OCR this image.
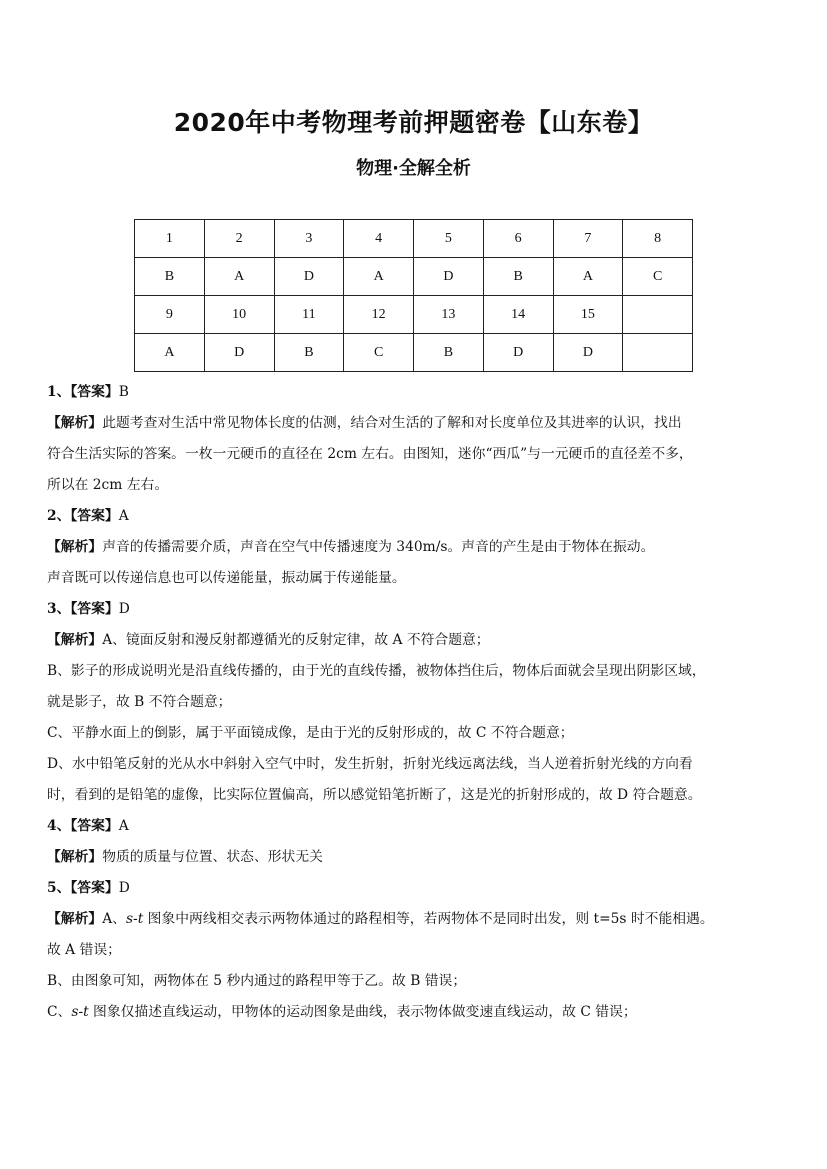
2020年中考物理考前押题密卷【山东卷】
物理·全解全析
1	2	3	4	5	6	7	8
B	A	D	A	D	B	A	C
9	10	11	12	13	14	15	
A	D	B	C	B	D	D	
1、【答案】B
【解析】此题考查对生活中常见物体长度的估测，结合对生活的了解和对长度单位及其进率的认识，找出
符合生活实际的答案。一枚一元硬币的直径在 2cm 左右。由图知，迷你“西瓜”与一元硬币的直径差不多，
所以在 2cm 左右。
2、【答案】A
【解析】声音的传播需要介质，声音在空气中传播速度为 340m/s。声音的产生是由于物体在振动。
声音既可以传递信息也可以传递能量，振动属于传递能量。
3、【答案】D
【解析】A、镜面反射和漫反射都遵循光的反射定律，故 A 不符合题意；
B、影子的形成说明光是沿直线传播的，由于光的直线传播，被物体挡住后，物体后面就会呈现出阴影区域，
就是影子，故 B 不符合题意；
C、平静水面上的倒影，属于平面镜成像，是由于光的反射形成的，故 C 不符合题意；
D、水中铅笔反射的光从水中斜射入空气中时，发生折射，折射光线远离法线，当人逆着折射光线的方向看
时，看到的是铅笔的虚像，比实际位置偏高，所以感觉铅笔折断了，这是光的折射形成的，故 D 符合题意。
4、【答案】A
【解析】物质的质量与位置、状态、形状无关
5、【答案】D
【解析】A、s-t 图象中两线相交表示两物体通过的路程相等，若两物体不是同时出发，则 t=5s 时不能相遇。
故 A 错误；
B、由图象可知，两物体在 5 秒内通过的路程甲等于乙。故 B 错误；
C、s-t 图象仅描述直线运动，甲物体的运动图象是曲线，表示物体做变速直线运动，故 C 错误；
